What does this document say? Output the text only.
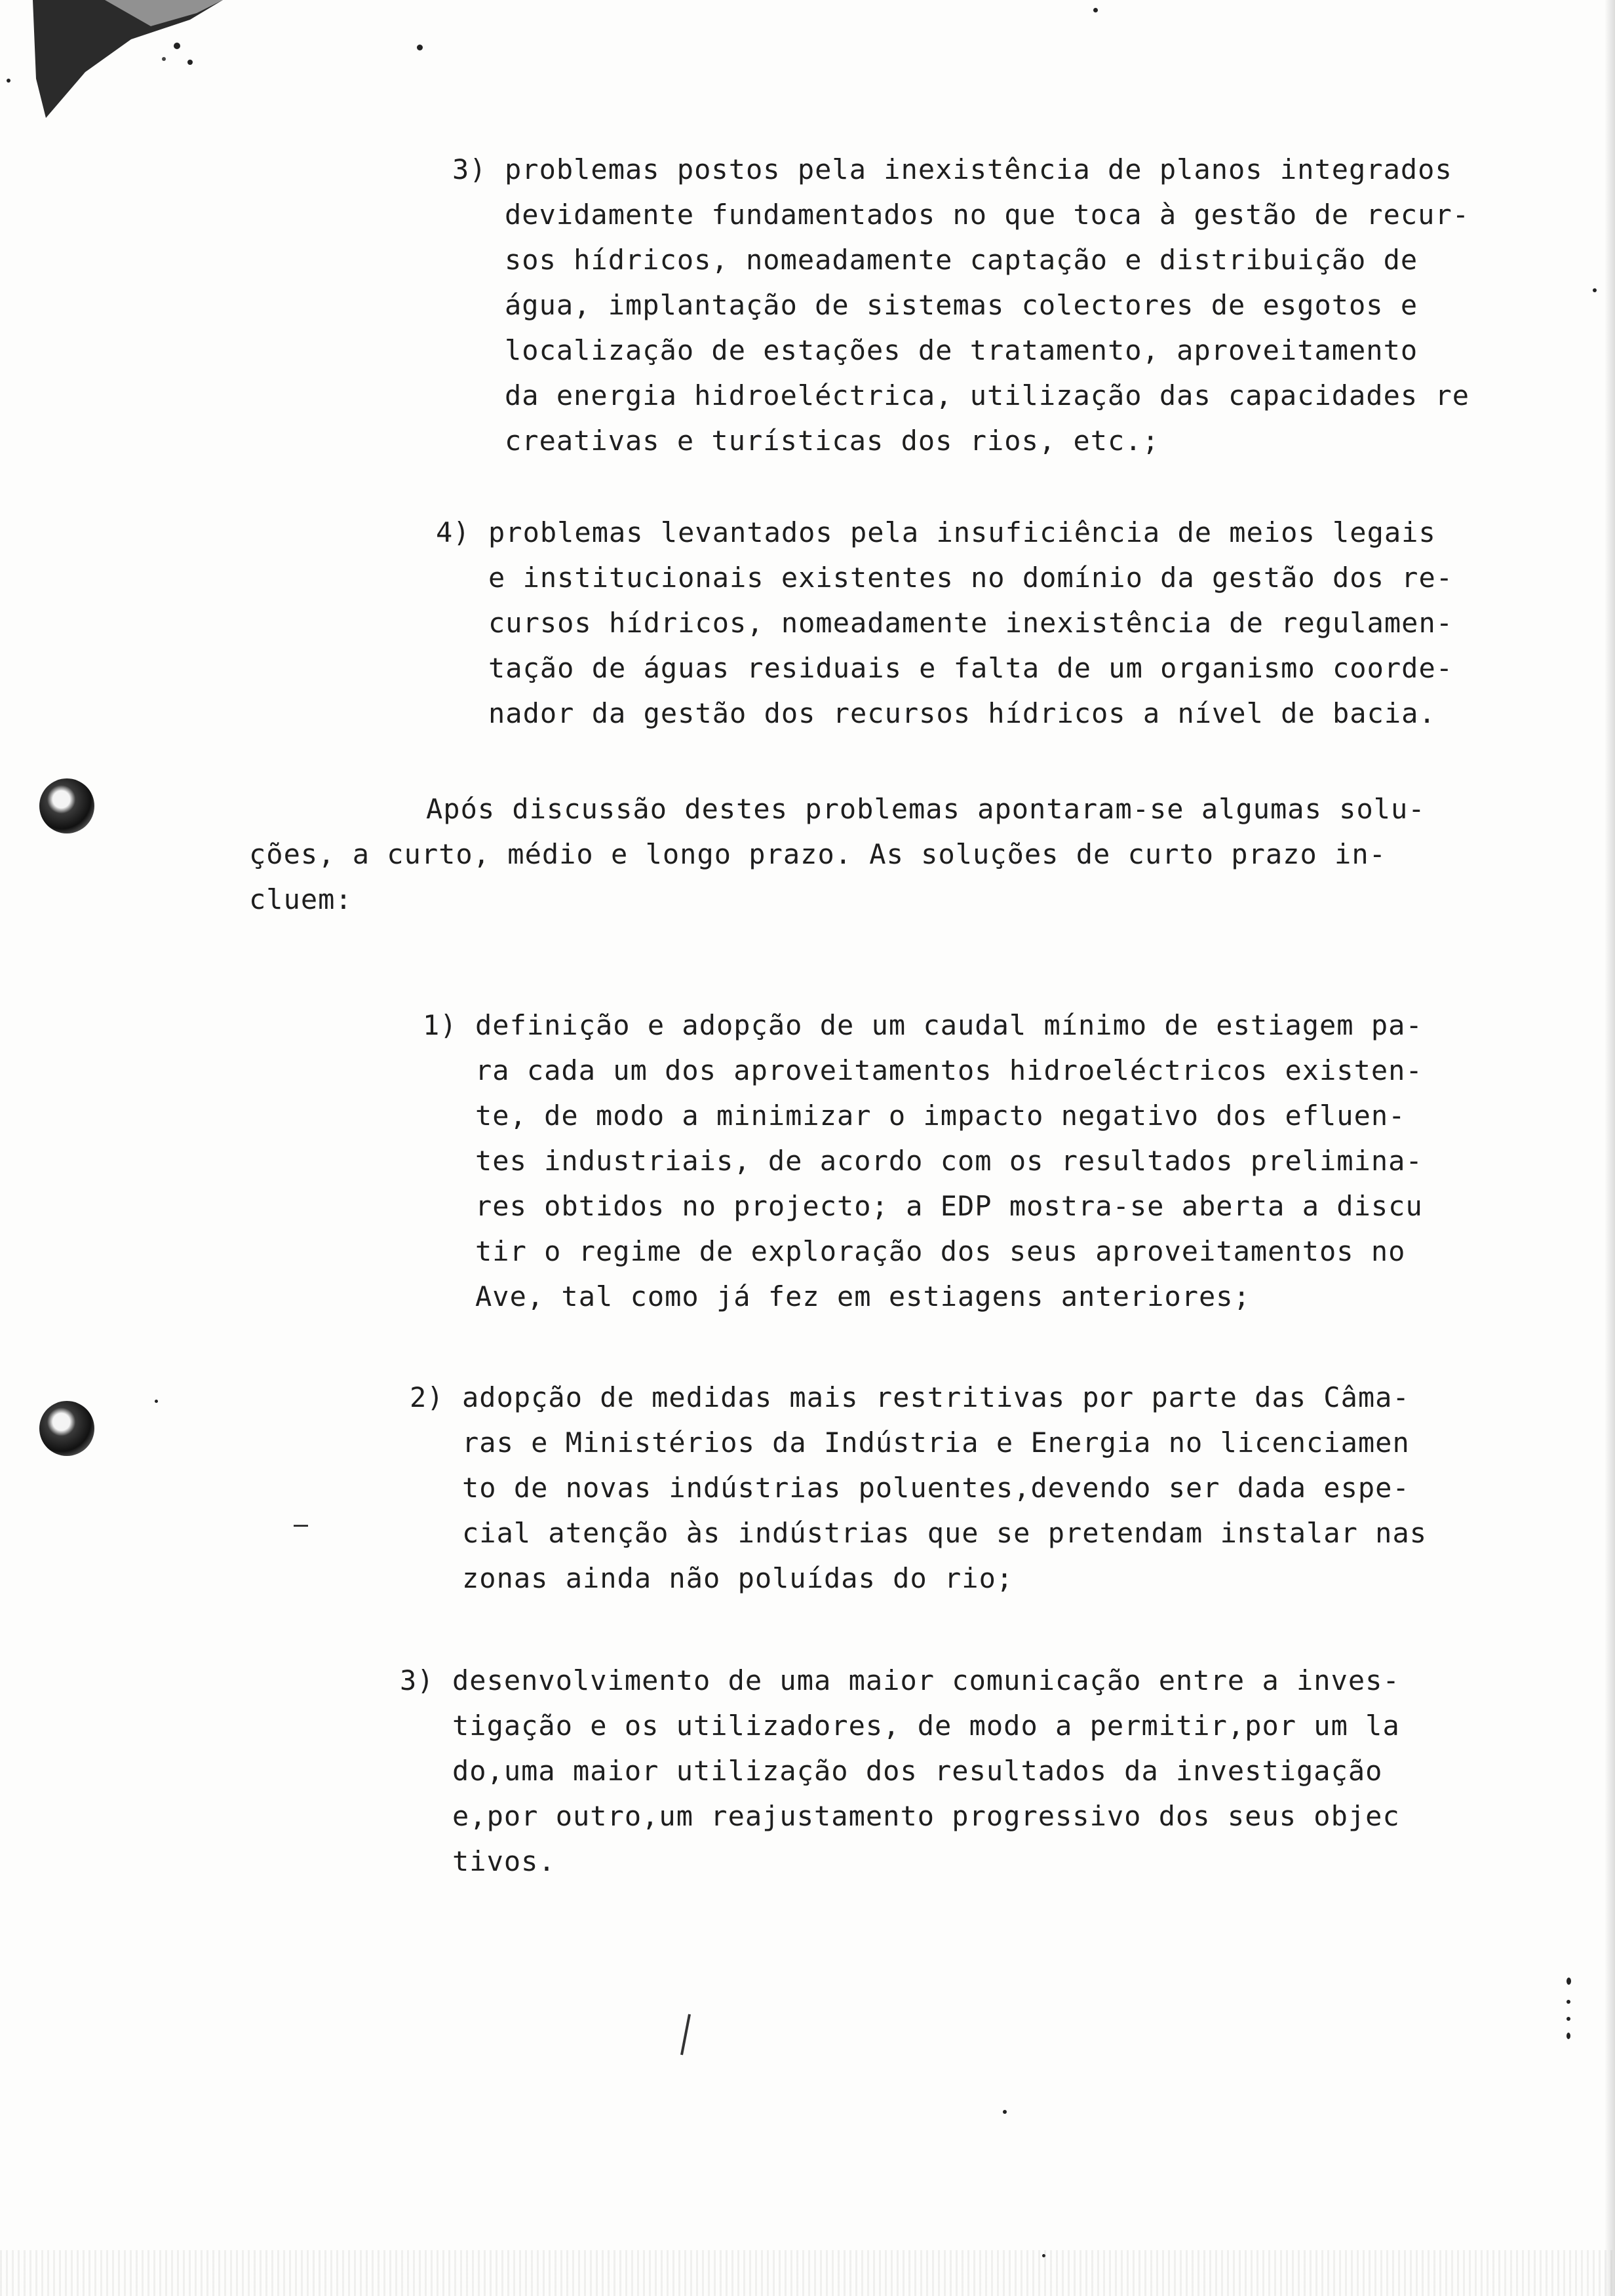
3) problemas postos pela inexistência de planos integrados
devidamente fundamentados no que toca à gestão de recur-
sos hídricos, nomeadamente captação e distribuição de
água, implantação de sistemas colectores de esgotos e
localização de estações de tratamento, aproveitamento
da energia hidroeléctrica, utilização das capacidades re
creativas e turísticas dos rios, etc.;
4) problemas levantados pela insuficiência de meios legais
e institucionais existentes no domínio da gestão dos re-
cursos hídricos, nomeadamente inexistência de regulamen-
tação de águas residuais e falta de um organismo coorde-
nador da gestão dos recursos hídricos a nível de bacia.
Após discussão destes problemas apontaram-se algumas solu-
ções, a curto, médio e longo prazo. As soluções de curto prazo in-
cluem:
1) definição e adopção de um caudal mínimo de estiagem pa-
ra cada um dos aproveitamentos hidroeléctricos existen-
te, de modo a minimizar o impacto negativo dos efluen-
tes industriais, de acordo com os resultados prelimina-
res obtidos no projecto; a EDP mostra-se aberta a discu
tir o regime de exploração dos seus aproveitamentos no
Ave, tal como já fez em estiagens anteriores;
2) adopção de medidas mais restritivas por parte das Câma-
ras e Ministérios da Indústria e Energia no licenciamen
to de novas indústrias poluentes,devendo ser dada espe-
cial atenção às indústrias que se pretendam instalar nas
zonas ainda não poluídas do rio;
3) desenvolvimento de uma maior comunicação entre a inves-
tigação e os utilizadores, de modo a permitir,por um la
do,uma maior utilização dos resultados da investigação
e,por outro,um reajustamento progressivo dos seus objec
tivos.
